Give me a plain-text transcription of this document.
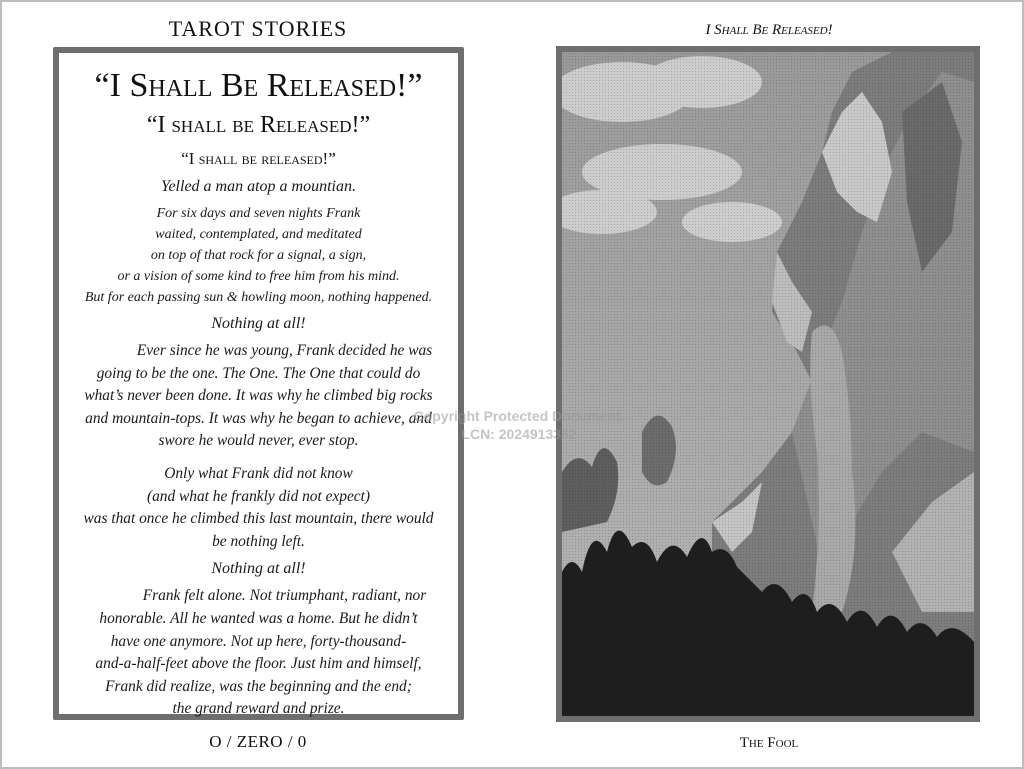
TAROT STORIES
“I Shall Be Released!”
“I shall be Released!”
“I shall be released!”
Yelled a man atop a mountian.
For six days and seven nights Frank
waited, contemplated, and meditated
on top of that rock for a signal, a sign,
or a vision of some kind to free him from his mind.
But for each passing sun & howling moon, nothing happened.
Nothing at all!
Ever since he was young, Frank decided he was
going to be the one. The One. The One that could do
what’s never been done. It was why he climbed big rocks
and mountain-tops. It was why he began to achieve, and
swore he would never, ever stop.
Only what Frank did not know
(and what he frankly did not expect)
was that once he climbed this last mountain, there would
be nothing left.
Nothing at all!
Frank felt alone. Not triumphant, radiant, nor
honorable. All he wanted was a home. But he didn’t
have one anymore. Not up here, forty-thousand-
and-a-half-feet above the floor. Just him and himself,
Frank did realize, was the beginning and the end;
the grand reward and prize.
O / ZERO / 0
I Shall Be Released!
The Fool
Copyright Protected Document.
LCN: 2024913362
